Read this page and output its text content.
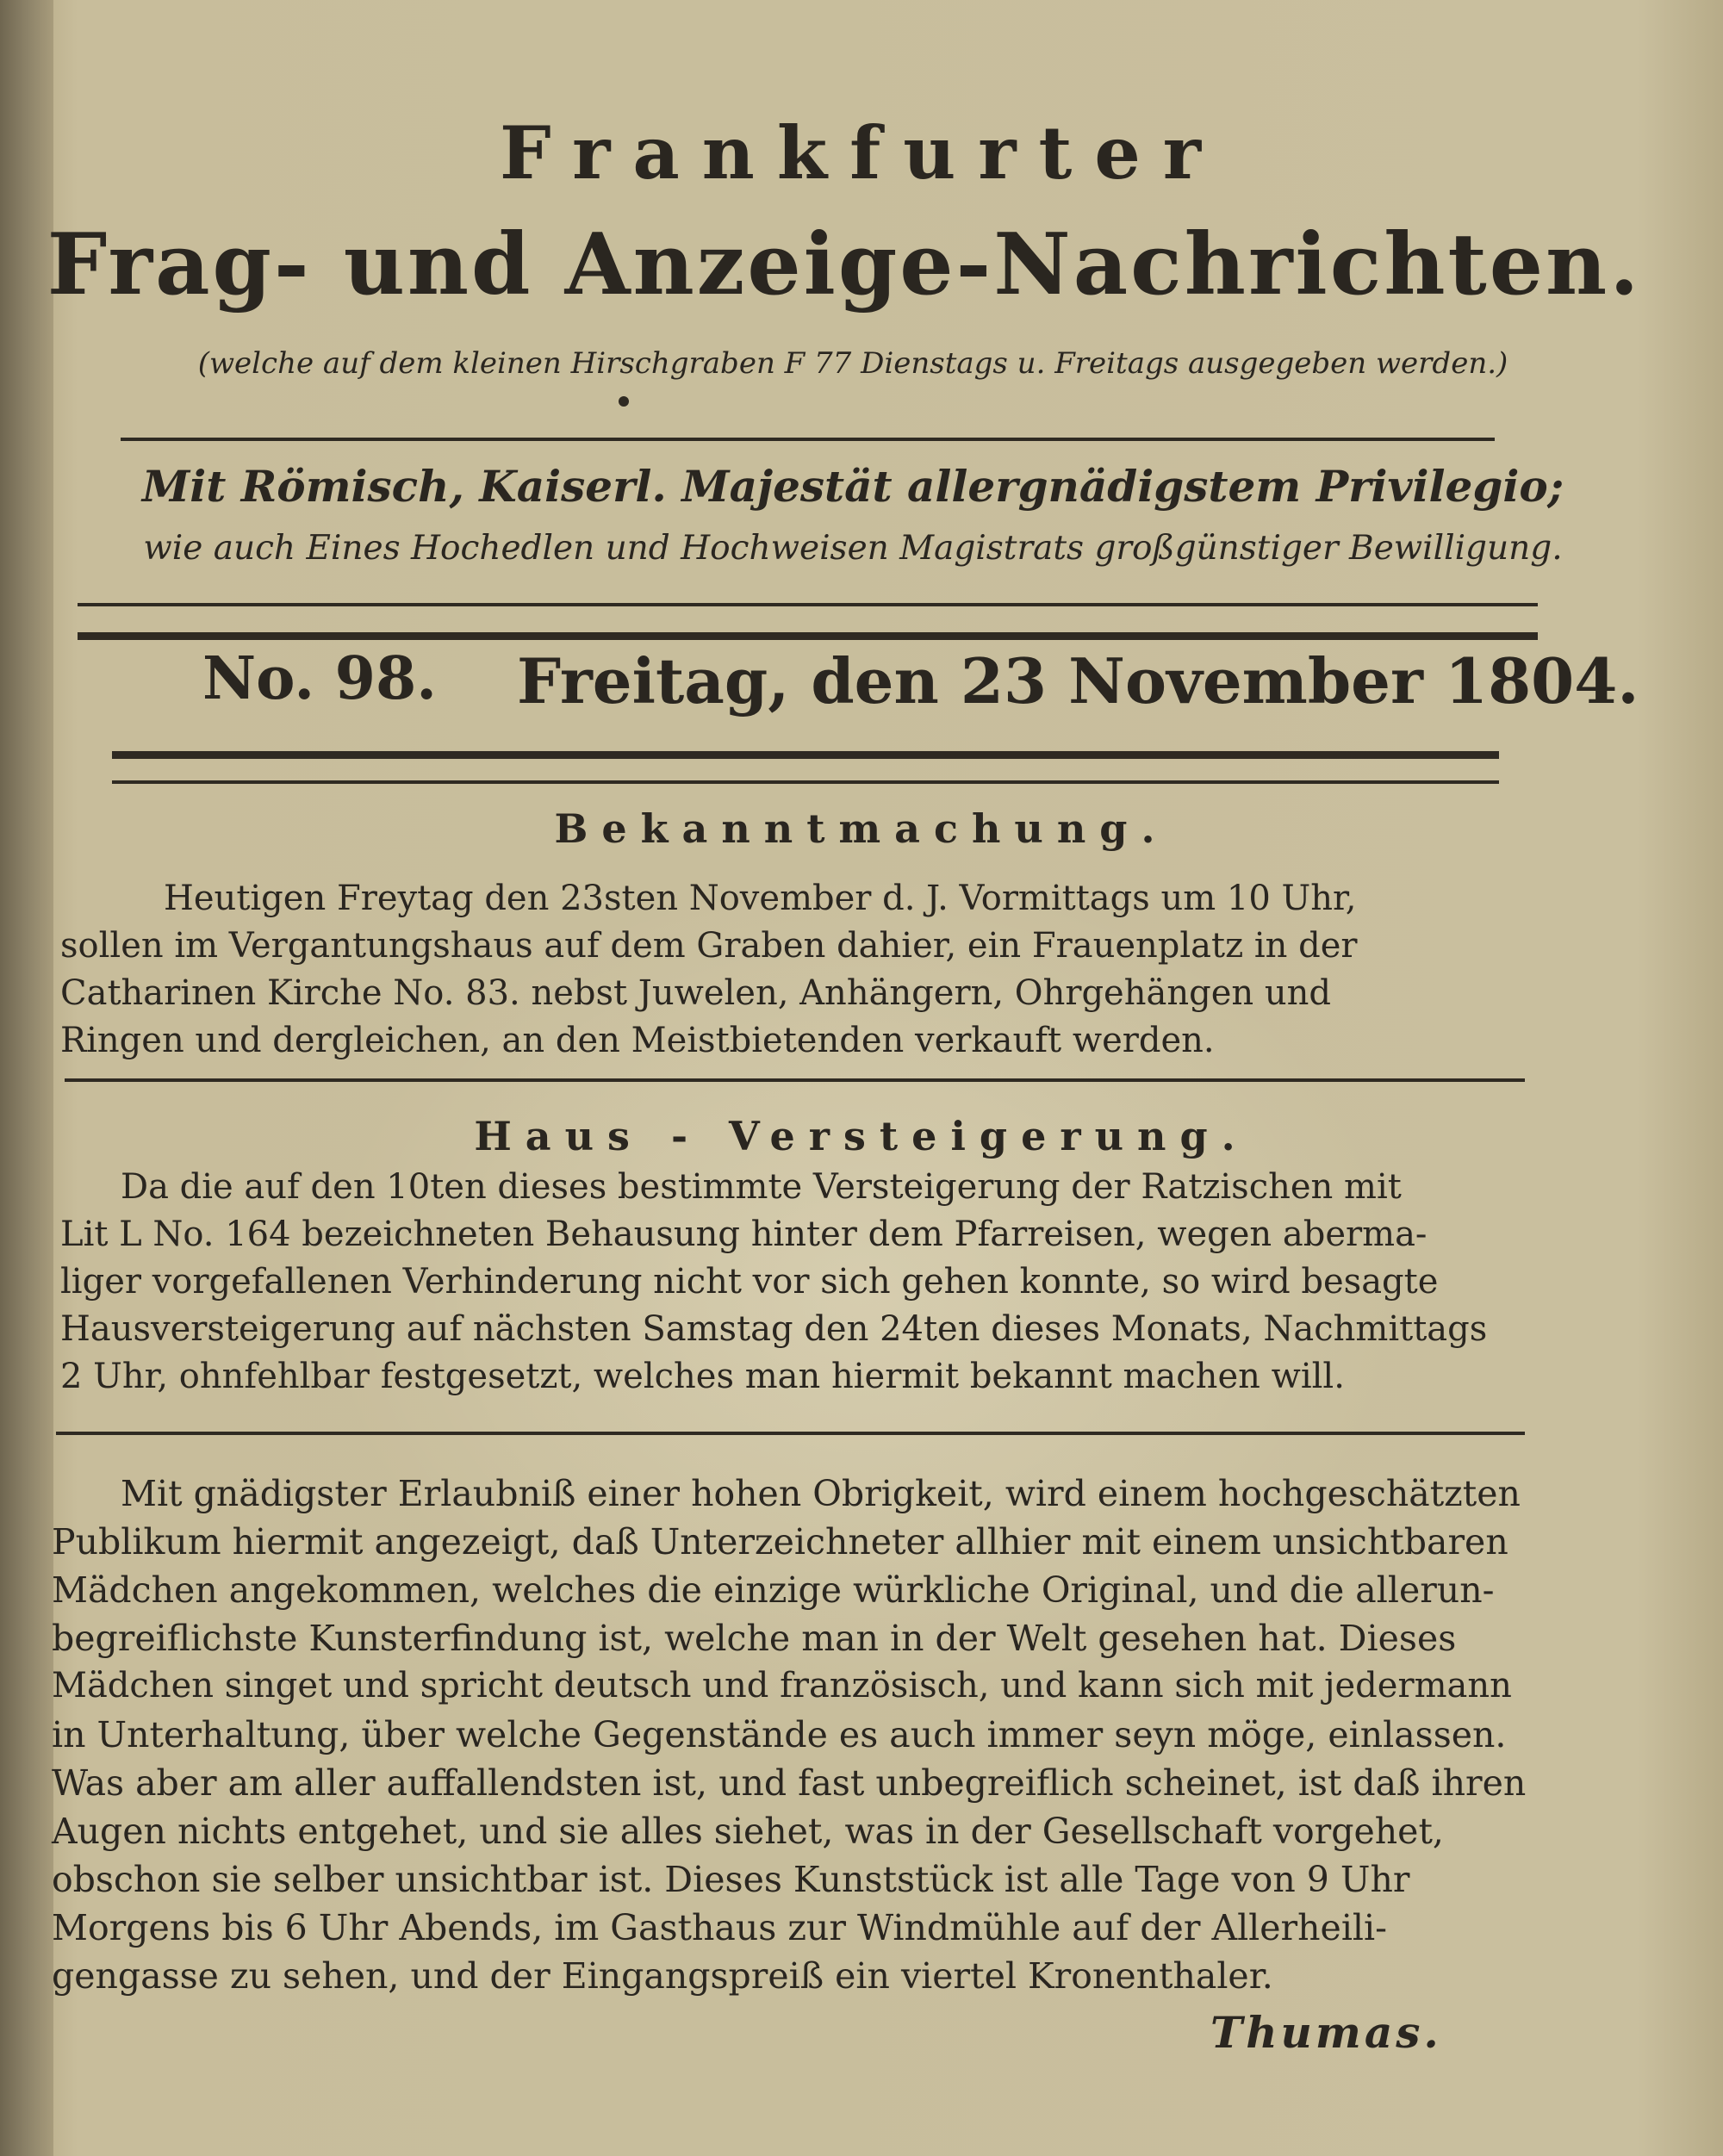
Frankfurter
Frag- und Anzeige-Nachrichten.
(welche auf dem kleinen Hirschgraben F 77 Dienstags u. Freitags ausgegeben werden.)
Mit Römisch, Kaiserl. Majestät allergnädigstem Privilegio;
wie auch Eines Hochedlen und Hochweisen Magistrats großgünstiger Bewilligung.
No. 98. Freitag, den 23 November 1804.
Bekanntmachung.
Heutigen Freytag den 23sten November d. J. Vormittags um 10 Uhr,
sollen im Vergantungshaus auf dem Graben dahier, ein Frauenplatz in der
Catharinen Kirche No. 83. nebst Juwelen, Anhängern, Ohrgehängen und
Ringen und dergleichen, an den Meistbietenden verkauft werden.
Haus - Versteigerung.
Da die auf den 10ten dieses bestimmte Versteigerung der Ratzischen mit
Lit L No. 164 bezeichneten Behausung hinter dem Pfarreisen, wegen aberma-
liger vorgefallenen Verhinderung nicht vor sich gehen konnte, so wird besagte
Hausversteigerung auf nächsten Samstag den 24ten dieses Monats, Nachmittags
2 Uhr, ohnfehlbar festgesetzt, welches man hiermit bekannt machen will.
Mit gnädigster Erlaubniß einer hohen Obrigkeit, wird einem hochgeschätzten
Publikum hiermit angezeigt, daß Unterzeichneter allhier mit einem unsichtbaren
Mädchen angekommen, welches die einzige würkliche Original, und die allerun-
begreiflichste Kunsterfindung ist, welche man in der Welt gesehen hat. Dieses
Mädchen singet und spricht deutsch und französisch, und kann sich mit jedermann
in Unterhaltung, über welche Gegenstände es auch immer seyn möge, einlassen.
Was aber am aller auffallendsten ist, und fast unbegreiflich scheinet, ist daß ihren
Augen nichts entgehet, und sie alles siehet, was in der Gesellschaft vorgehet,
obschon sie selber unsichtbar ist. Dieses Kunststück ist alle Tage von 9 Uhr
Morgens bis 6 Uhr Abends, im Gasthaus zur Windmühle auf der Allerheili-
gengasse zu sehen, und der Eingangspreiß ein viertel Kronenthaler.
Thumas.
